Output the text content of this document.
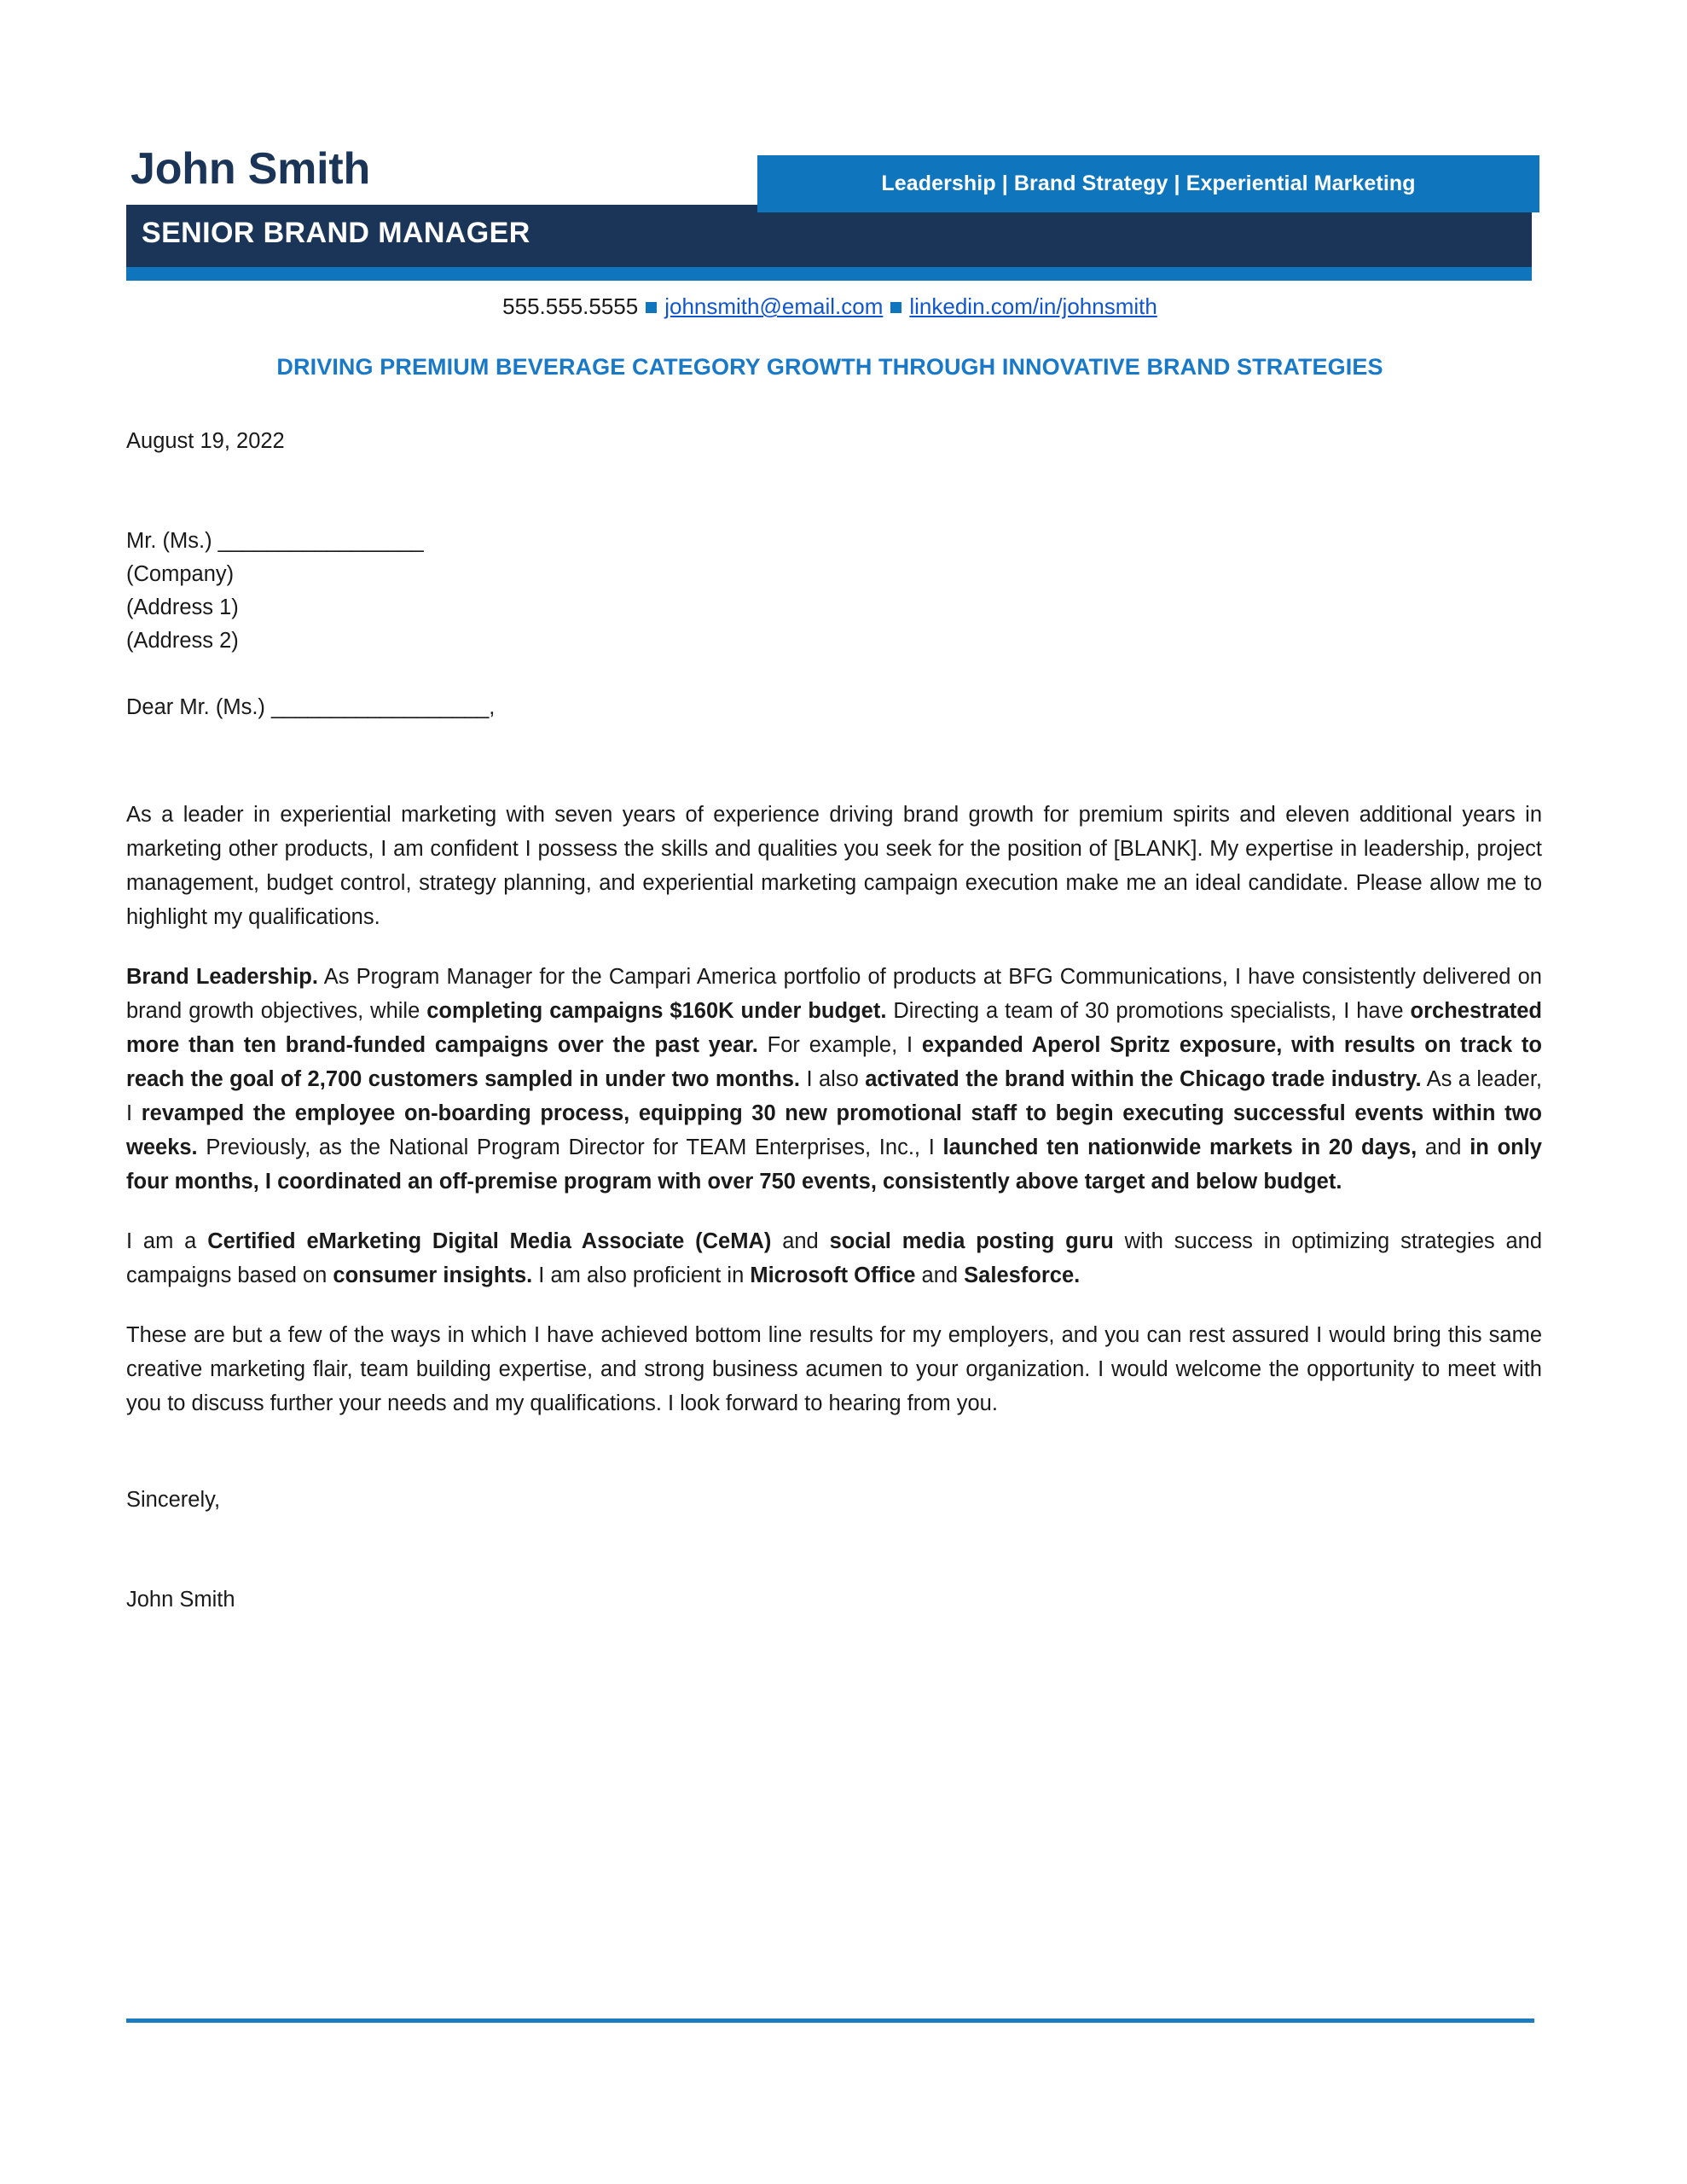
John Smith
SENIOR BRAND MANAGER
Leadership | Brand Strategy | Experiential Marketing
555.555.5555 johnsmith@email.com linkedin.com/in/johnsmith
DRIVING PREMIUM BEVERAGE CATEGORY GROWTH THROUGH INNOVATIVE BRAND STRATEGIES
August 19, 2022
Mr. (Ms.) _________________
(Company)
(Address 1)
(Address 2)
Dear Mr. (Ms.) __________________,

As a leader in experiential marketing with seven years of experience driving brand growth for premium spirits and eleven additional years in marketing other products, I am confident I possess the skills and qualities you seek for the position of [BLANK]. My expertise in leadership, project management, budget control, strategy planning, and experiential marketing campaign execution make me an ideal candidate. Please allow me to highlight my qualifications.

Brand Leadership. As Program Manager for the Campari America portfolio of products at BFG Communications, I have consistently delivered on brand growth objectives, while completing campaigns $160K under budget. Directing a team of 30 promotions specialists, I have orchestrated more than ten brand-funded campaigns over the past year. For example, I expanded Aperol Spritz exposure, with results on track to reach the goal of 2,700 customers sampled in under two months. I also activated the brand within the Chicago trade industry. As a leader, I revamped the employee on-boarding process, equipping 30 new promotional staff to begin executing successful events within two weeks. Previously, as the National Program Director for TEAM Enterprises, Inc., I launched ten nationwide markets in 20 days, and in only four months, I coordinated an off-premise program with over 750 events, consistently above target and below budget.

I am a Certified eMarketing Digital Media Associate (CeMA) and social media posting guru with success in optimizing strategies and campaigns based on consumer insights. I am also proficient in Microsoft Office and Salesforce.

These are but a few of the ways in which I have achieved bottom line results for my employers, and you can rest assured I would bring this same creative marketing flair, team building expertise, and strong business acumen to your organization. I would welcome the opportunity to meet with you to discuss further your needs and my qualifications. I look forward to hearing from you.

Sincerely,
John Smith
